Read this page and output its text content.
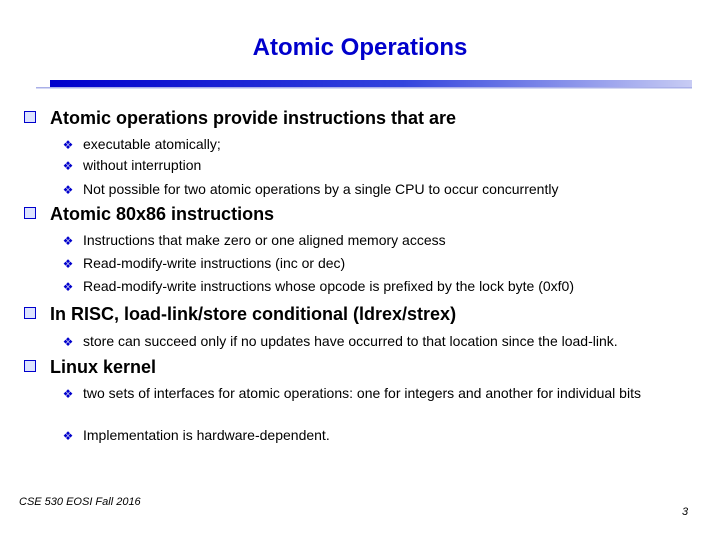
Atomic Operations
Atomic operations provide instructions that are
❖ executable atomically;
❖ without interruption
❖ Not possible for two atomic operations by a single CPU to occur concurrently
Atomic 80x86 instructions
❖ Instructions that make zero or one aligned memory access
❖ Read-modify-write instructions (inc or dec)
❖ Read-modify-write instructions whose opcode is prefixed by the lock byte (0xf0)
In RISC, load-link/store conditional (ldrex/strex)
❖ store can succeed only if no updates have occurred to that location since the load-link.
Linux kernel
❖ two sets of interfaces for atomic operations: one for integers and another for individual bits
❖ Implementation is hardware-dependent.
CSE 530 EOSI Fall 2016
3
